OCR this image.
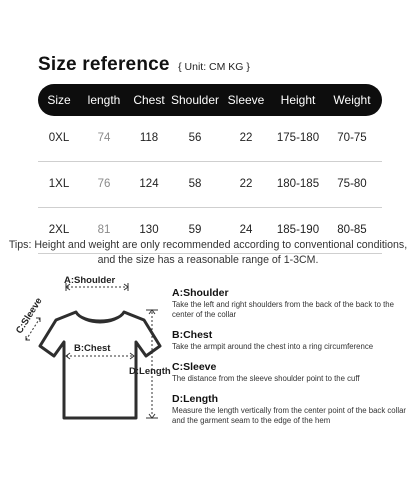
Size reference { Unit: CM KG }
Size length Chest Shoulder Sleeve Height Weight
0XL 74	118	56	22 175-180 70-75
1XL 76	124	58	22 180-185 75-80
2XL 81	130	59	24 185-190 80-85
Tips: Height and weight are only recommended according to conventional conditions, and the size has a reasonable range of 1-3CM.
A:Shoulder
C:Sleeve
B:Chest
D:Length
A:Shoulder
Take the left and right shoulders from the back of the back to the center of the collar
B:Chest
Take the armpit around the chest into a ring circumference
C:Sleeve
The distance from the sleeve shoulder point to the cuff
D:Length
Measure the length vertically from the center point of the back collar and the garment seam to the edge of the hem
